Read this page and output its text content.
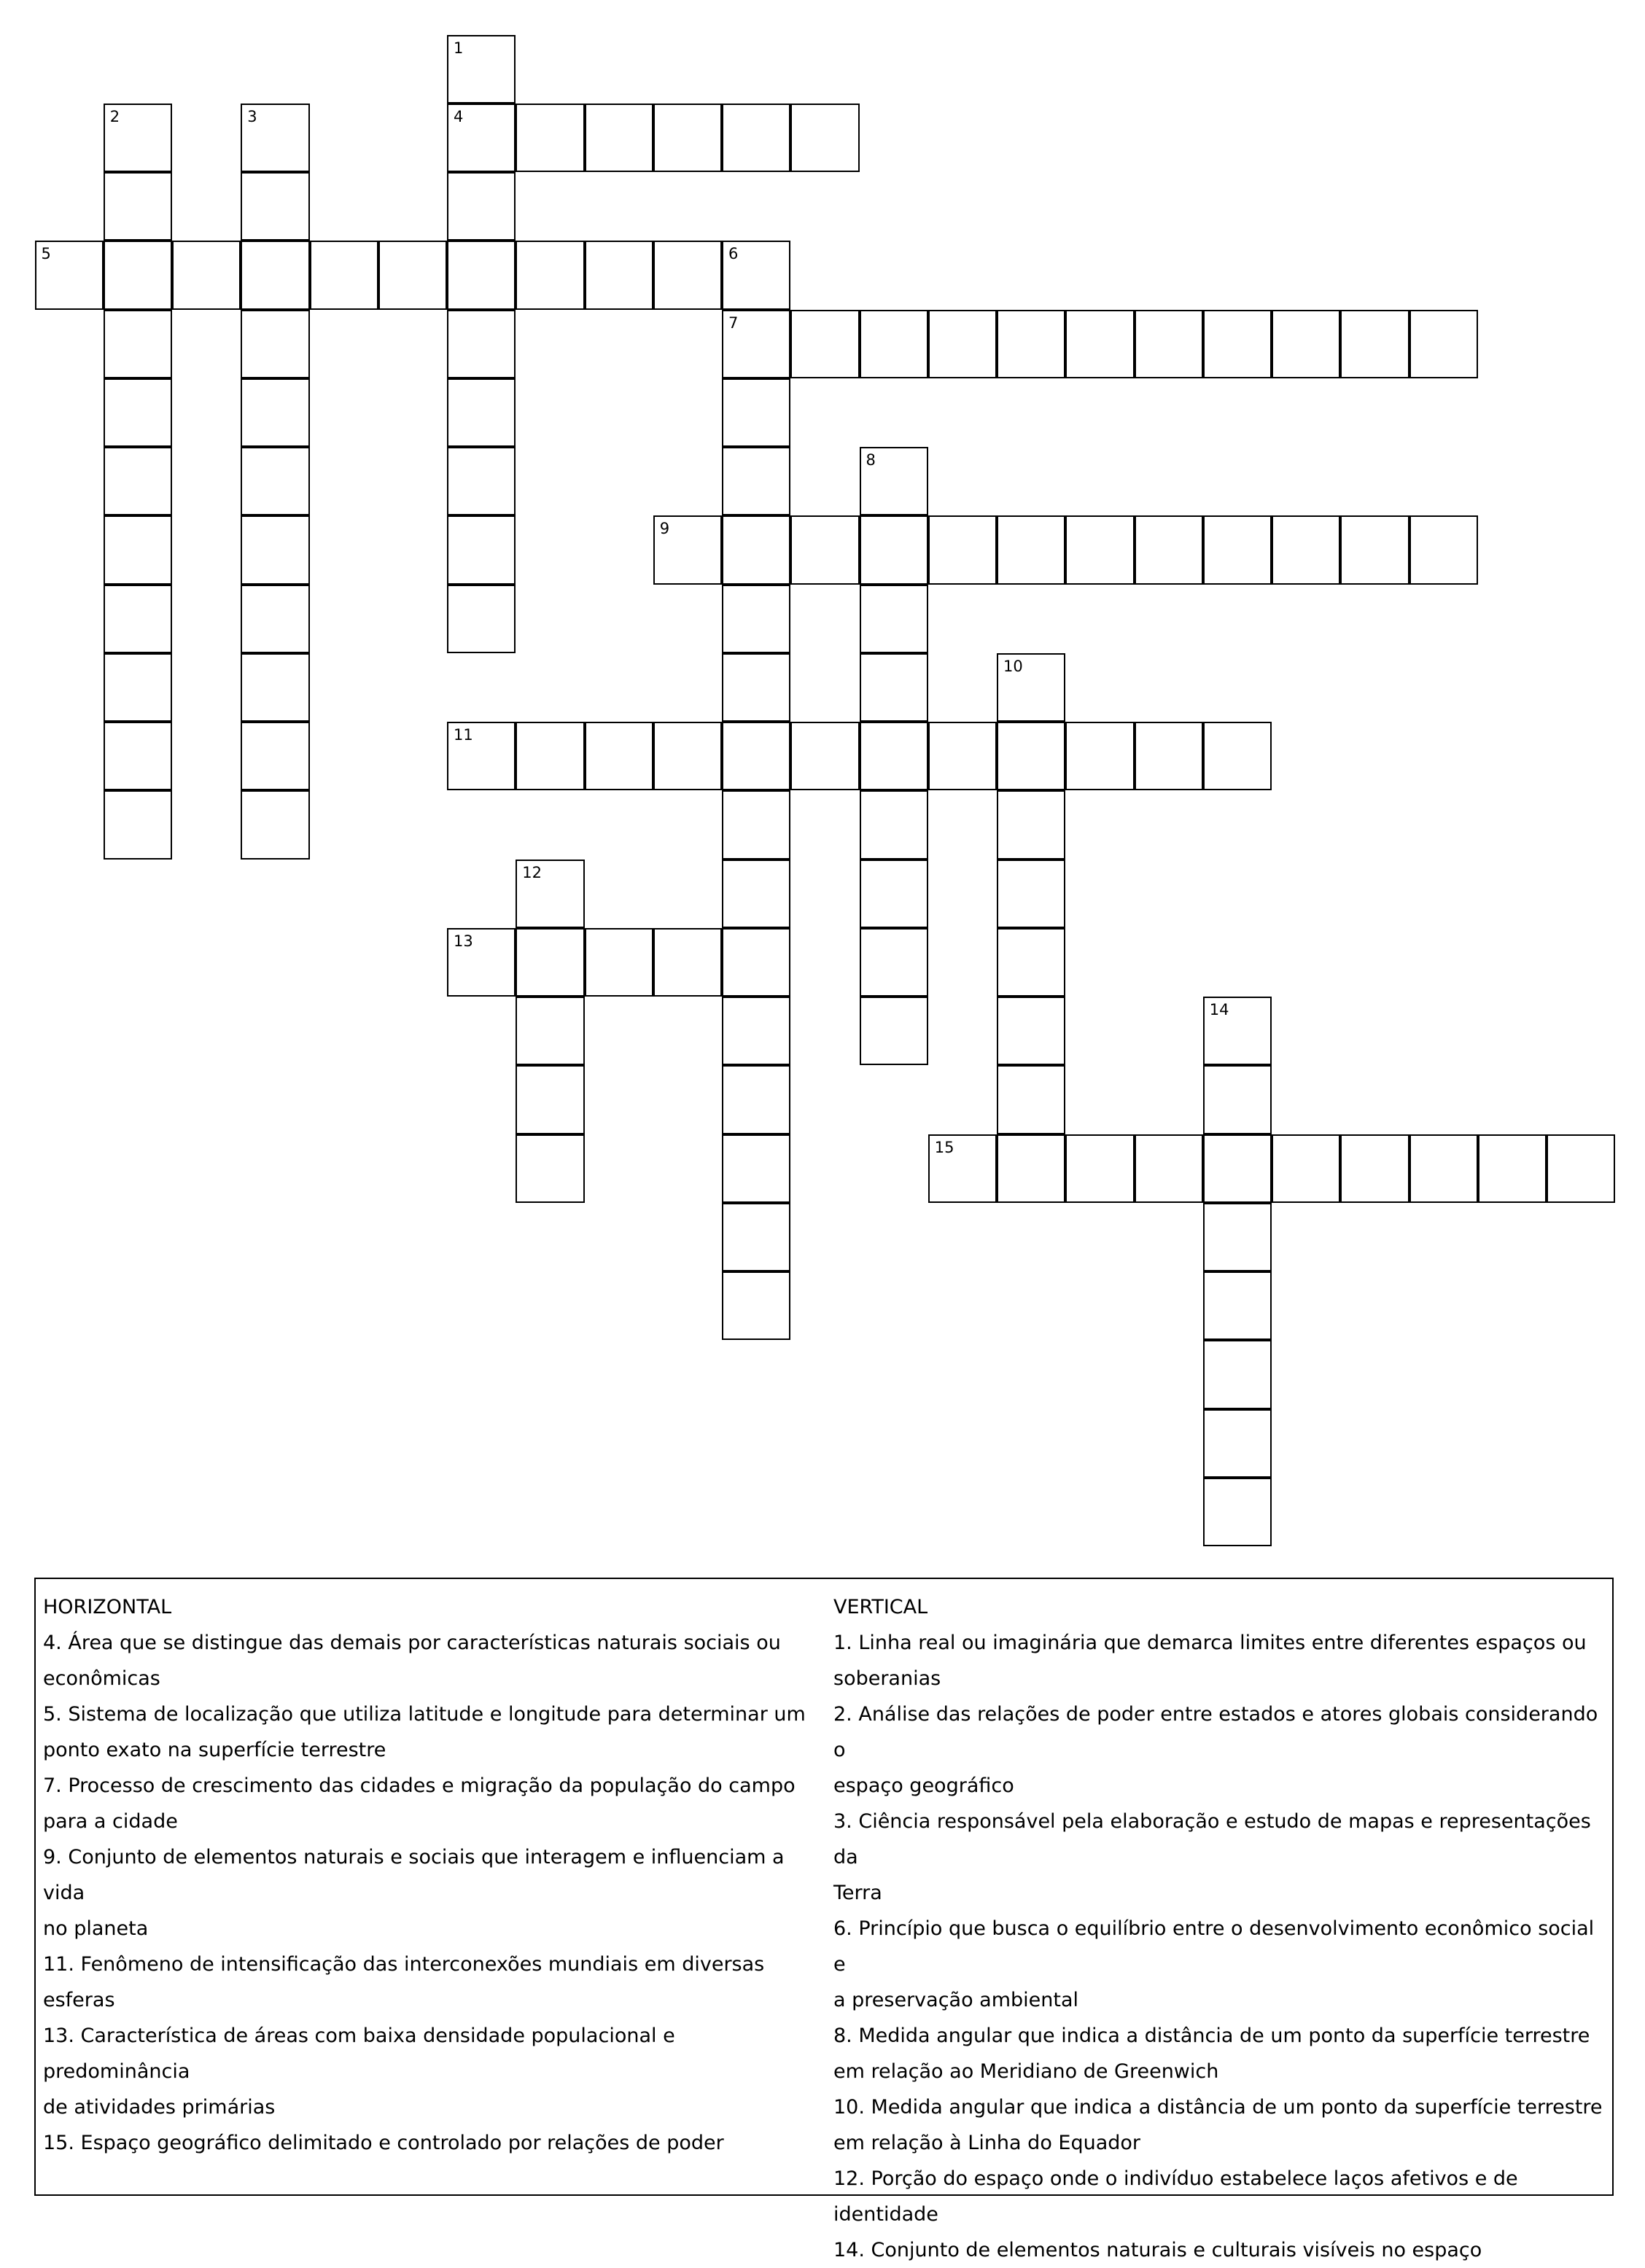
1
4
2	3
5	6
7
8
9
10
11
12
13
14
15
HORIZONTAL
4. Área que se distingue das demais por características naturais sociais ou
econômicas
5. Sistema de localização que utiliza latitude e longitude para determinar um
ponto exato na superfície terrestre
7. Processo de crescimento das cidades e migração da população do campo
para a cidade
9. Conjunto de elementos naturais e sociais que interagem e influenciam a vida
no planeta
11. Fenômeno de intensificação das interconexões mundiais em diversas
esferas
13. Característica de áreas com baixa densidade populacional e predominância
de atividades primárias
15. Espaço geográfico delimitado e controlado por relações de poder
VERTICAL
1. Linha real ou imaginária que demarca limites entre diferentes espaços ou
soberanias
2. Análise das relações de poder entre estados e atores globais considerando o
espaço geográfico
3. Ciência responsável pela elaboração e estudo de mapas e representações da
Terra
6. Princípio que busca o equilíbrio entre o desenvolvimento econômico social e
a preservação ambiental
8. Medida angular que indica a distância de um ponto da superfície terrestre
em relação ao Meridiano de Greenwich
10. Medida angular que indica a distância de um ponto da superfície terrestre
em relação à Linha do Equador
12. Porção do espaço onde o indivíduo estabelece laços afetivos e de
identidade
14. Conjunto de elementos naturais e culturais visíveis no espaço
